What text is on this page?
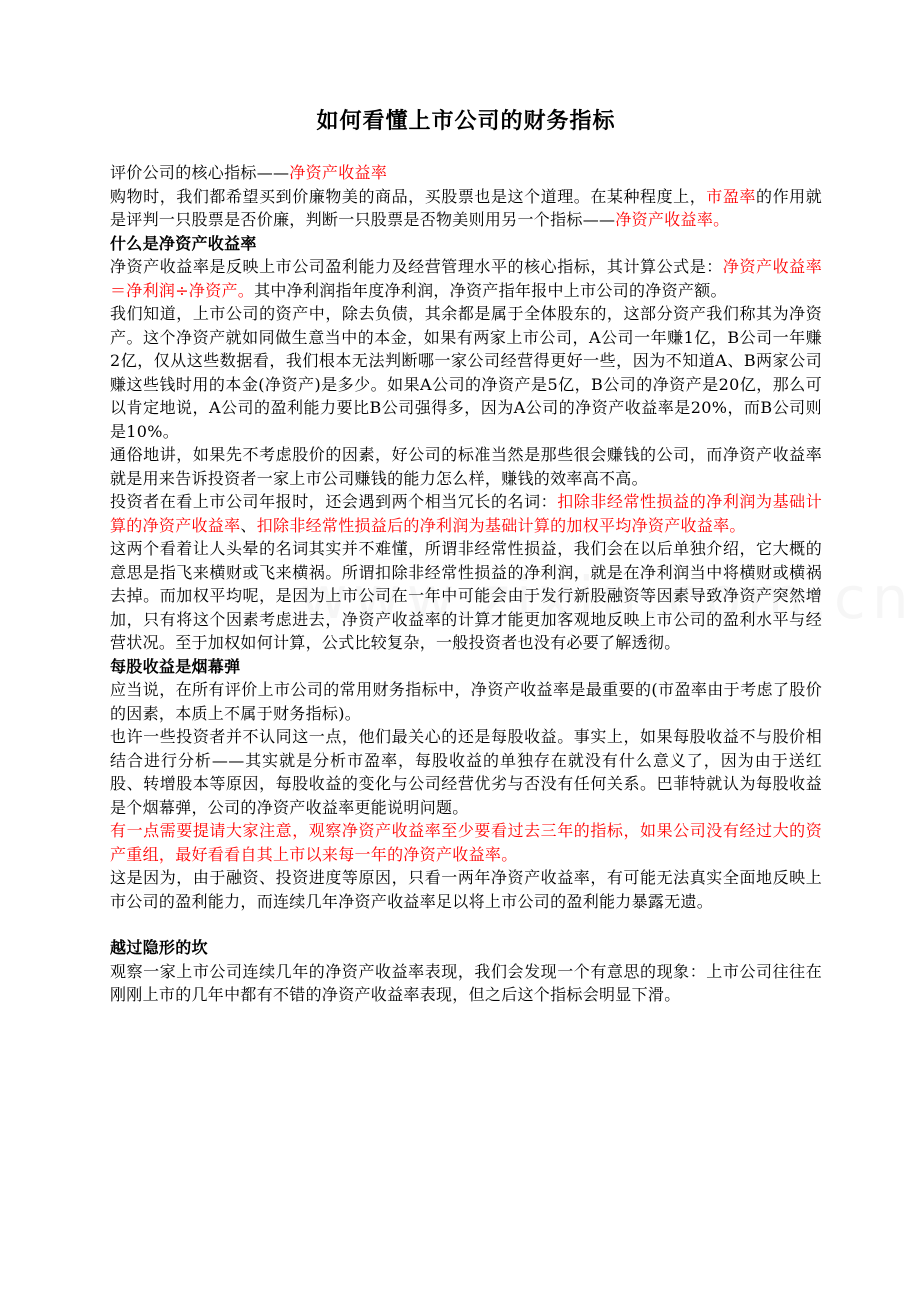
如何看懂上市公司的财务指标

评价公司的核心指标——净资产收益率

购物时，我们都希望买到价廉物美的商品，买股票也是这个道理。在某种程度上，市盈率的作用就是评判一只股票是否价廉，判断一只股票是否物美则用另一个指标——净资产收益率。

什么是净资产收益率

净资产收益率是反映上市公司盈利能力及经营管理水平的核心指标，其计算公式是：净资产收益率＝净利润÷净资产。其中净利润指年度净利润，净资产指年报中上市公司的净资产额。

我们知道，上市公司的资产中，除去负债，其余都是属于全体股东的，这部分资产我们称其为净资产。这个净资产就如同做生意当中的本金，如果有两家上市公司，A公司一年赚1亿，B公司一年赚2亿，仅从这些数据看，我们根本无法判断哪一家公司经营得更好一些，因为不知道A、B两家公司赚这些钱时用的本金(净资产)是多少。如果A公司的净资产是5亿，B公司的净资产是20亿，那么可以肯定地说，A公司的盈利能力要比B公司强得多，因为A公司的净资产收益率是20%，而B公司则是10%。

通俗地讲，如果先不考虑股价的因素，好公司的标准当然是那些很会赚钱的公司，而净资产收益率就是用来告诉投资者一家上市公司赚钱的能力怎么样，赚钱的效率高不高。

投资者在看上市公司年报时，还会遇到两个相当冗长的名词：扣除非经常性损益的净利润为基础计算的净资产收益率、扣除非经常性损益后的净利润为基础计算的加权平均净资产收益率。

这两个看着让人头晕的名词其实并不难懂，所谓非经常性损益，我们会在以后单独介绍，它大概的意思是指飞来横财或飞来横祸。所谓扣除非经常性损益的净利润，就是在净利润当中将横财或横祸去掉。而加权平均呢，是因为上市公司在一年中可能会由于发行新股融资等因素导致净资产突然增加，只有将这个因素考虑进去，净资产收益率的计算才能更加客观地反映上市公司的盈利水平与经营状况。至于加权如何计算，公式比较复杂，一般投资者也没有必要了解透彻。

每股收益是烟幕弹

应当说，在所有评价上市公司的常用财务指标中，净资产收益率是最重要的(市盈率由于考虑了股价的因素，本质上不属于财务指标)。

也许一些投资者并不认同这一点，他们最关心的还是每股收益。事实上，如果每股收益不与股价相结合进行分析——其实就是分析市盈率，每股收益的单独存在就没有什么意义了，因为由于送红股、转增股本等原因，每股收益的变化与公司经营优劣与否没有任何关系。巴菲特就认为每股收益是个烟幕弹，公司的净资产收益率更能说明问题。

有一点需要提请大家注意，观察净资产收益率至少要看过去三年的指标，如果公司没有经过大的资产重组，最好看看自其上市以来每一年的净资产收益率。

这是因为，由于融资、投资进度等原因，只看一两年净资产收益率，有可能无法真实全面地反映上市公司的盈利能力，而连续几年净资产收益率足以将上市公司的盈利能力暴露无遗。

越过隐形的坎

观察一家上市公司连续几年的净资产收益率表现，我们会发现一个有意思的现象：上市公司往往在刚刚上市的几年中都有不错的净资产收益率表现，但之后这个指标会明显下滑。
